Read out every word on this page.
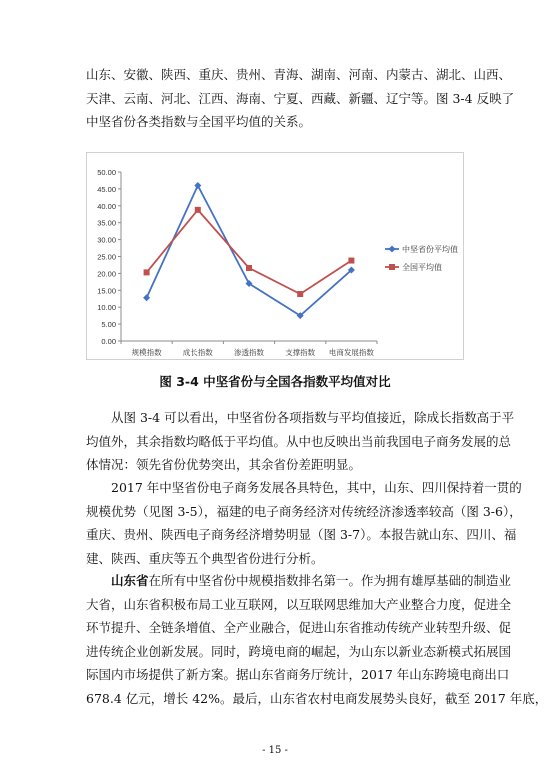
山东、安徽、陕西、重庆、贵州、青海、湖南、河南、内蒙古、湖北、山西、
天津、云南、河北、江西、海南、宁夏、西藏、新疆、辽宁等。图 3-4 反映了
中坚省份各类指数与全国平均值的关系。

0.00
5.00
10.00
15.00
20.00
25.00
30.00
35.00
40.00
45.00
50.00
规模指数	成长指数	渗透指数	支撑指数 电商发展指数
中坚省份平均值
全国平均值
图 3-4 中坚省份与全国各指数平均值对比

从图 3-4 可以看出，中坚省份各项指数与平均值接近，除成长指数高于平
均值外，其余指数均略低于平均值。从中也反映出当前我国电子商务发展的总
体情况：领先省份优势突出，其余省份差距明显。

2017 年中坚省份电子商务发展各具特色，其中，山东、四川保持着一贯的
规模优势（见图 3-5），福建的电子商务经济对传统经济渗透率较高（图 3-6），
重庆、贵州、陕西电子商务经济增势明显（图 3-7）。本报告就山东、四川、福
建、陕西、重庆等五个典型省份进行分析。

山东省在所有中坚省份中规模指数排名第一。作为拥有雄厚基础的制造业
大省，山东省积极布局工业互联网，以互联网思维加大产业整合力度，促进全
环节提升、全链条增值、全产业融合，促进山东省推动传统产业转型升级、促
进传统企业创新发展。同时，跨境电商的崛起，为山东以新业态新模式拓展国
际国内市场提供了新方案。据山东省商务厅统计，2017 年山东跨境电商出口
678.4 亿元，增长 42%。最后，山东省农村电商发展势头良好，截至 2017 年底，

- 15 -
